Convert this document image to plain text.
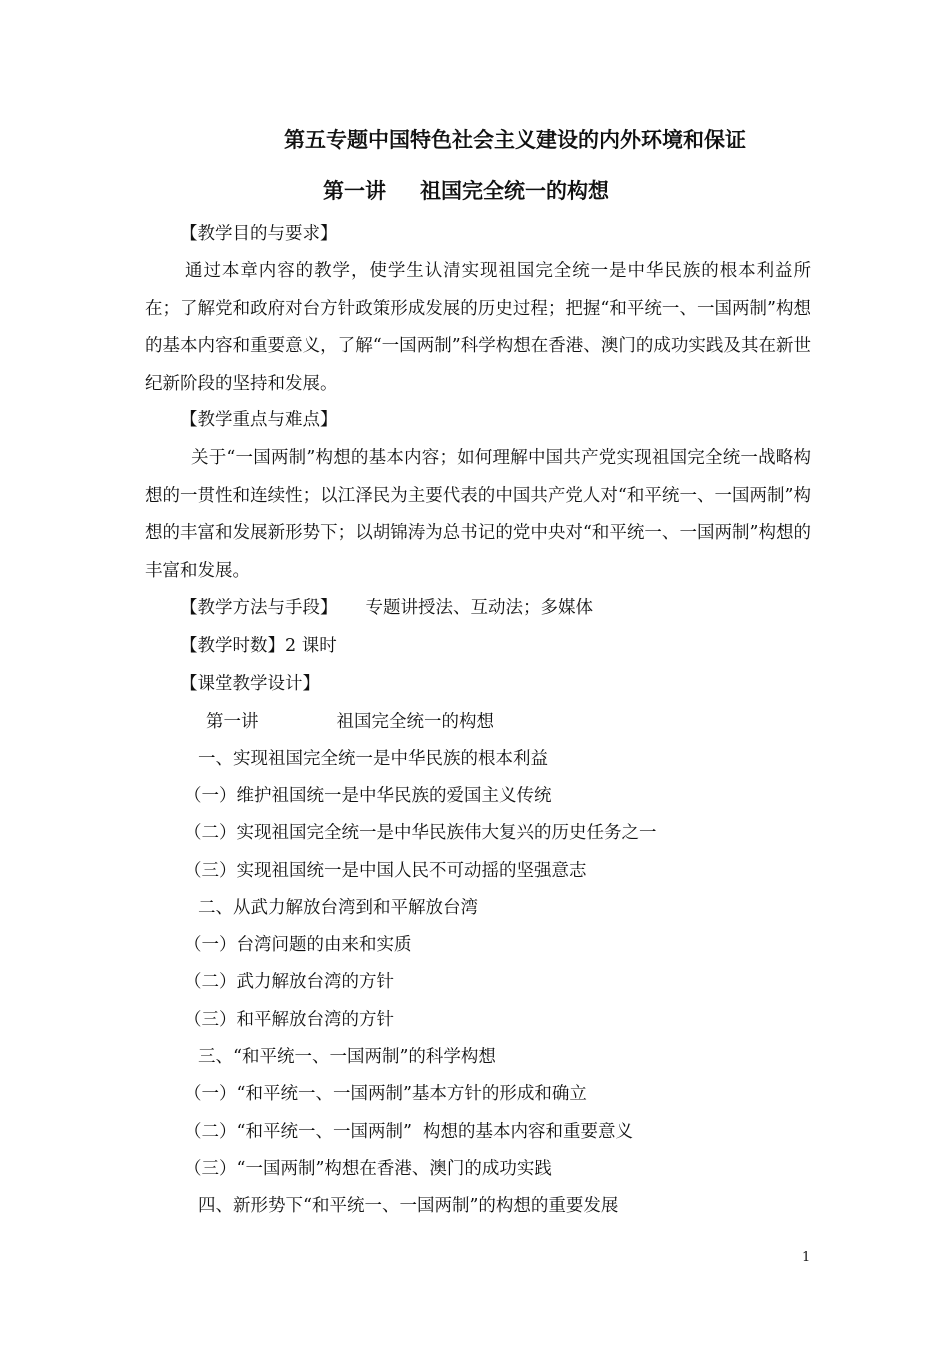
第五专题中国特色社会主义建设的内外环境和保证
第一讲 祖国完全统一的构想
【教学目的与要求】
通过本章内容的教学，使学生认清实现祖国完全统一是中华民族的根本利益所在；了解党和政府对台方针政策形成发展的历史过程；把握“和平统一、一国两制”构想的基本内容和重要意义，了解“一国两制”科学构想在香港、澳门的成功实践及其在新世纪新阶段的坚持和发展。
【教学重点与难点】
关于“一国两制”构想的基本内容；如何理解中国共产党实现祖国完全统一战略构想的一贯性和连续性；以江泽民为主要代表的中国共产党人对“和平统一、一国两制”构想的丰富和发展新形势下；以胡锦涛为总书记的党中央对“和平统一、一国两制”构想的丰富和发展。
【教学方法与手段】 专题讲授法、互动法；多媒体
【教学时数】2 课时
【课堂教学设计】
第一讲	祖国完全统一的构想
一、实现祖国完全统一是中华民族的根本利益
（一）维护祖国统一是中华民族的爱国主义传统
（二）实现祖国完全统一是中华民族伟大复兴的历史任务之一
（三）实现祖国统一是中国人民不可动摇的坚强意志
二、从武力解放台湾到和平解放台湾
（一）台湾问题的由来和实质
（二）武力解放台湾的方针
（三）和平解放台湾的方针
三、“和平统一、一国两制”的科学构想
（一）“和平统一、一国两制”基本方针的形成和确立
（二）“和平统一、一国两制”  构想的基本内容和重要意义
（三）“一国两制”构想在香港、澳门的成功实践
四、新形势下“和平统一、一国两制”的构想的重要发展
1
